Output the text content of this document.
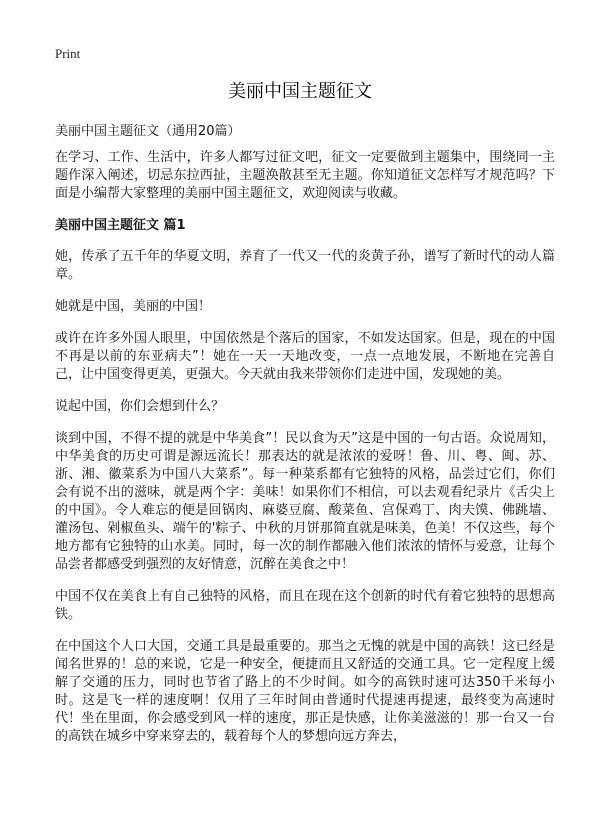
Print
美丽中国主题征文

美丽中国主题征文（通用20篇）

在学习、工作、生活中，许多人都写过征文吧，征文一定要做到主题集中，围绕同一主题作深入阐述，切忌东拉西扯，主题涣散甚至无主题。你知道征文怎样写才规范吗？下面是小编帮大家整理的美丽中国主题征文，欢迎阅读与收藏。

美丽中国主题征文 篇1

她，传承了五千年的华夏文明，养育了一代又一代的炎黄子孙，谱写了新时代的动人篇章。

她就是中国，美丽的中国！

或许在许多外国人眼里，中国依然是个落后的国家，不如发达国家。但是，现在的中国不再是以前的东亚病夫”！她在一天一天地改变，一点一点地发展，不断地在完善自己，让中国变得更美，更强大。今天就由我来带领你们走进中国，发现她的美。

说起中国，你们会想到什么？

谈到中国，不得不提的就是中华美食”！民以食为天”这是中国的一句古语。众说周知，中华美食的历史可谓是源远流长！那表达的就是浓浓的爱呀！鲁、川、粤、闽、苏、浙、湘、徽菜系为中国八大菜系”。每一种菜系都有它独特的风格，品尝过它们，你们会有说不出的滋味，就是两个字：美味！如果你们不相信，可以去观看纪录片《舌尖上的中国》。令人难忘的便是回锅肉、麻婆豆腐、酸菜鱼、宫保鸡丁、肉夫馍、佛跳墙、灌汤包、剁椒鱼头、端午的'粽子、中秋的月饼那简直就是味美，色美！不仅这些，每个地方都有它独特的山水美。同时，每一次的制作都融入他们浓浓的情怀与爱意，让每个品尝者都感受到强烈的友好情意，沉醉在美食之中！

中国不仅在美食上有自己独特的风格，而且在现在这个创新的时代有着它独特的思想高铁。

在中国这个人口大国，交通工具是最重要的。那当之无愧的就是中国的高铁！这已经是闻名世界的！总的来说，它是一种安全，便捷而且又舒适的交通工具。它一定程度上缓解了交通的压力，同时也节省了路上的不少时间。如今的高铁时速可达350千米每小时。这是飞一样的速度啊！仅用了三年时间由普通时代提速再提速，最终变为高速时代！坐在里面，你会感受到风一样的速度，那正是快感，让你美滋滋的！那一台又一台的高铁在城乡中穿来穿去的，载着每个人的梦想向远方奔去，
